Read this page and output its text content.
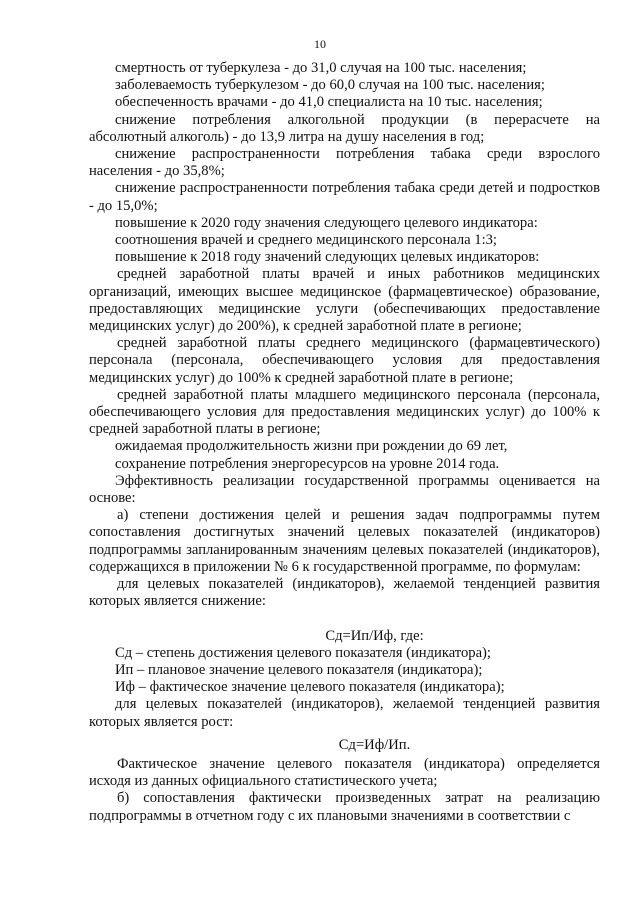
10

смертность от туберкулеза - до 31,0 случая на 100 тыс. населения;

заболеваемость туберкулезом - до 60,0 случая на 100 тыс. населения;

обеспеченность врачами - до 41,0 специалиста на 10 тыс. населения;

снижение потребления алкогольной продукции (в перерасчете на абсолютный алкоголь) - до 13,9 литра на душу населения в год;

снижение распространенности потребления табака среди взрослого населения - до 35,8%;

снижение распространенности потребления табака среди детей и подростков - до 15,0%;

повышение к 2020 году значения следующего целевого индикатора:

соотношения врачей и среднего медицинского персонала 1:3;

повышение к 2018 году значений следующих целевых индикаторов:

средней заработной платы врачей и иных работников медицинских организаций, имеющих высшее медицинское (фармацевтическое) образование, предоставляющих медицинские услуги (обеспечивающих предоставление медицинских услуг) до 200%), к средней заработной плате в регионе;

средней заработной платы среднего медицинского (фармацевтического) персонала (персонала, обеспечивающего условия для предоставления медицинских услуг) до 100% к средней заработной плате в регионе;

средней заработной платы младшего медицинского персонала (персонала, обеспечивающего условия для предоставления медицинских услуг) до 100% к средней заработной платы в регионе;

ожидаемая продолжительность жизни при рождении до 69 лет,

сохранение потребления энергоресурсов на уровне 2014 года.

Эффективность реализации государственной программы оценивается на основе:

а) степени достижения целей и решения задач подпрограммы путем сопоставления достигнутых значений целевых показателей (индикаторов) подпрограммы запланированным значениям целевых показателей (индикаторов), содержащихся в приложении № 6 к государственной программе, по формулам:

для целевых показателей (индикаторов), желаемой тенденцией развития которых является снижение:

Сд=Ип/Иф, где:

Сд – степень достижения целевого показателя (индикатора);

Ип – плановое значение целевого показателя (индикатора);

Иф – фактическое значение целевого показателя (индикатора);

для целевых показателей (индикаторов), желаемой тенденцией развития которых является рост:

Сд=Иф/Ип.

Фактическое значение целевого показателя (индикатора) определяется исходя из данных официального статистического учета;

б) сопоставления фактически произведенных затрат на реализацию подпрограммы в отчетном году с их плановыми значениями в соответствии с
